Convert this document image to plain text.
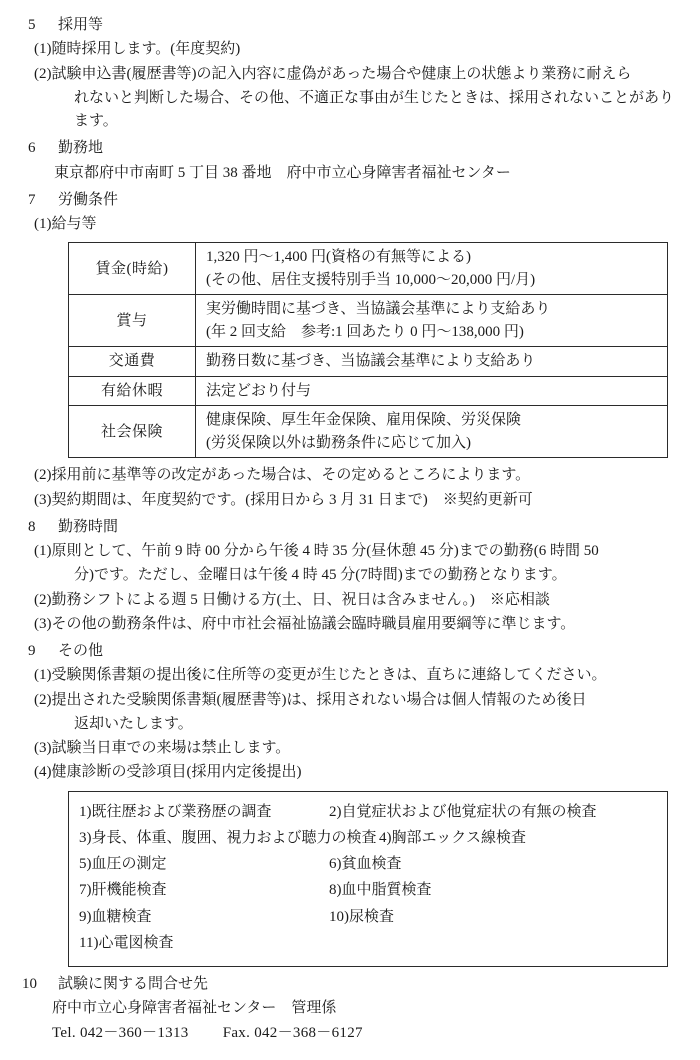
5	採用等
(1) 随時採用します。(年度契約)
(2) 試験申込書(履歴書等)の記入内容に虚偽があった場合や健康上の状態より業務に耐えら
れないと判断した場合、その他、不適正な事由が生じたときは、採用されないことがあり
ます。
6	勤務地
東京都府中市南町 5 丁目 38 番地　府中市立心身障害者福祉センター
7	労働条件
(1) 給与等
賃金(時給)	1,320 円～1,400 円(資格の有無等による)
(その他、居住支援特別手当 10,000～20,000 円/月)

賞与	実労働時間に基づき、当協議会基準により支給あり
(年 2 回支給　参考:1 回あたり 0 円～138,000 円)

交通費	勤務日数に基づき、当協議会基準により支給あり

有給休暇	法定どおり付与

社会保険	健康保険、厚生年金保険、雇用保険、労災保険
(労災保険以外は勤務条件に応じて加入)
(2) 採用前に基準等の改定があった場合は、その定めるところによります。
(3) 契約期間は、年度契約です。(採用日から 3 月 31 日まで)　※契約更新可
8	勤務時間
(1) 原則として、午前 9 時 00 分から午後 4 時 35 分(昼休憩 45 分)までの勤務(6 時間 50
分)です。ただし、金曜日は午後 4 時 45 分(7時間)までの勤務となります。
(2) 勤務シフトによる週 5 日働ける方(土、日、祝日は含みません。)　※応相談
(3) その他の勤務条件は、府中市社会福祉協議会臨時職員雇用要綱等に準じます。
9	その他
(1) 受験関係書類の提出後に住所等の変更が生じたときは、直ちに連絡してください。
(2) 提出された受験関係書類(履歴書等)は、採用されない場合は個人情報のため後日
返却いたします。
(3) 試験当日車での来場は禁止します。
(4) 健康診断の受診項目(採用内定後提出)
1)既往歴および業務歴の調査	2)自覚症状および他覚症状の有無の検査
3)身長、体重、腹囲、視力および聴力の検査 4)胸部エックス線検査
5)血圧の測定	6)貧血検査
7)肝機能検査	8)血中脂質検査
9)血糖検査	10)尿検査
11)心電図検査
10	試験に関する問合せ先
府中市立心身障害者福祉センター　管理係
Tel. 042－360－1313 Fax. 042－368－6127
